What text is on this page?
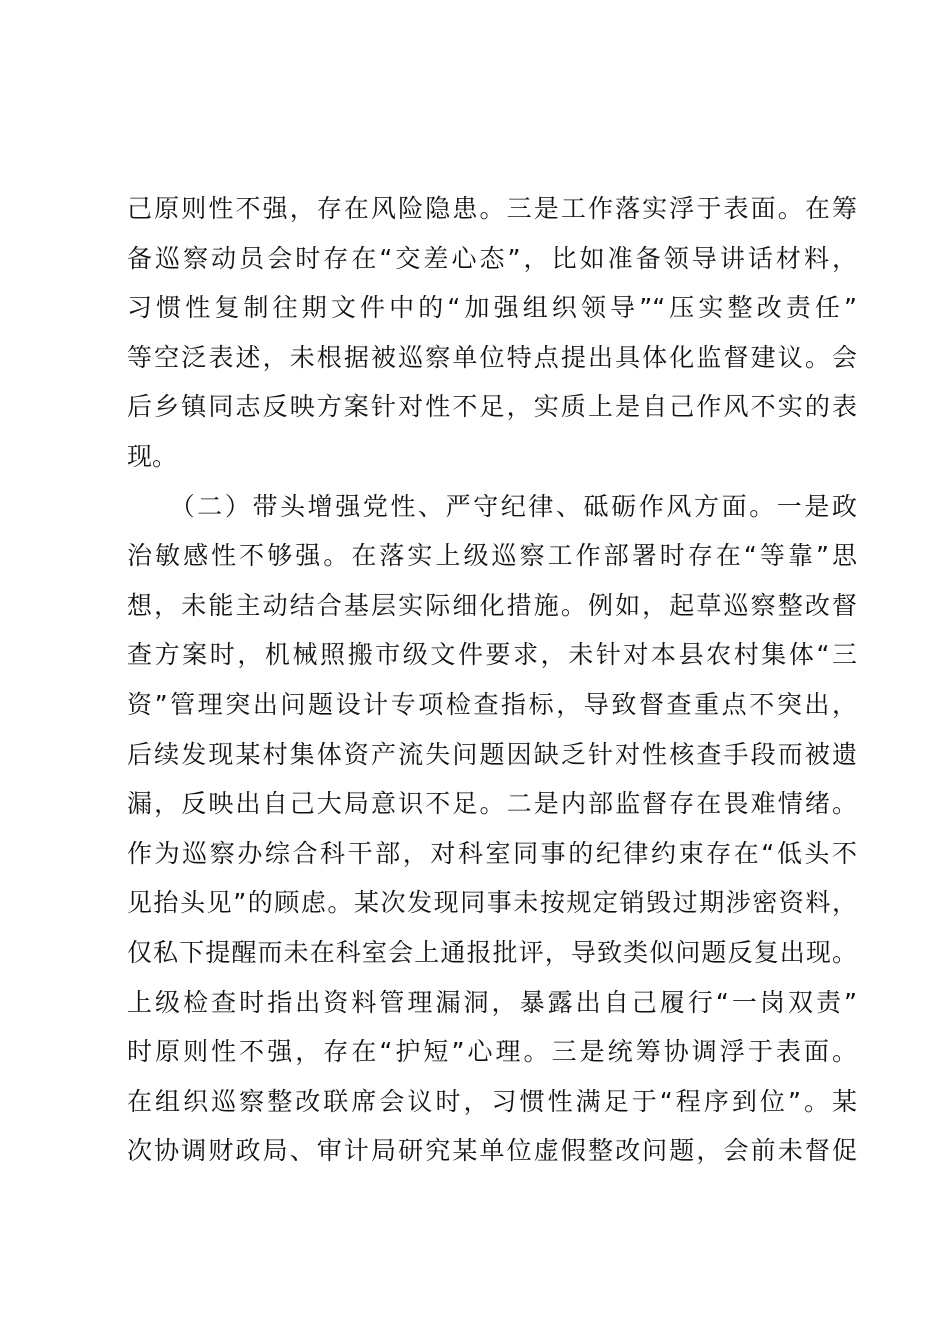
己原则性不强，存在风险隐患。三是工作落实浮于表面。在筹
备巡察动员会时存在“交差心态”，比如准备领导讲话材料，
习惯性复制往期文件中的“加强组织领导”“压实整改责任”
等空泛表述，未根据被巡察单位特点提出具体化监督建议。会
后乡镇同志反映方案针对性不足，实质上是自己作风不实的表
现。
　　（二）带头增强党性、严守纪律、砥砺作风方面。一是政
治敏感性不够强。在落实上级巡察工作部署时存在“等靠”思
想，未能主动结合基层实际细化措施。例如，起草巡察整改督
查方案时，机械照搬市级文件要求，未针对本县农村集体“三
资”管理突出问题设计专项检查指标，导致督查重点不突出，
后续发现某村集体资产流失问题因缺乏针对性核查手段而被遗
漏，反映出自己大局意识不足。二是内部监督存在畏难情绪。
作为巡察办综合科干部，对科室同事的纪律约束存在“低头不
见抬头见”的顾虑。某次发现同事未按规定销毁过期涉密资料，
仅私下提醒而未在科室会上通报批评，导致类似问题反复出现。
上级检查时指出资料管理漏洞，暴露出自己履行“一岗双责”
时原则性不强，存在“护短”心理。三是统筹协调浮于表面。
在组织巡察整改联席会议时，习惯性满足于“程序到位”。某
次协调财政局、审计局研究某单位虚假整改问题，会前未督促
